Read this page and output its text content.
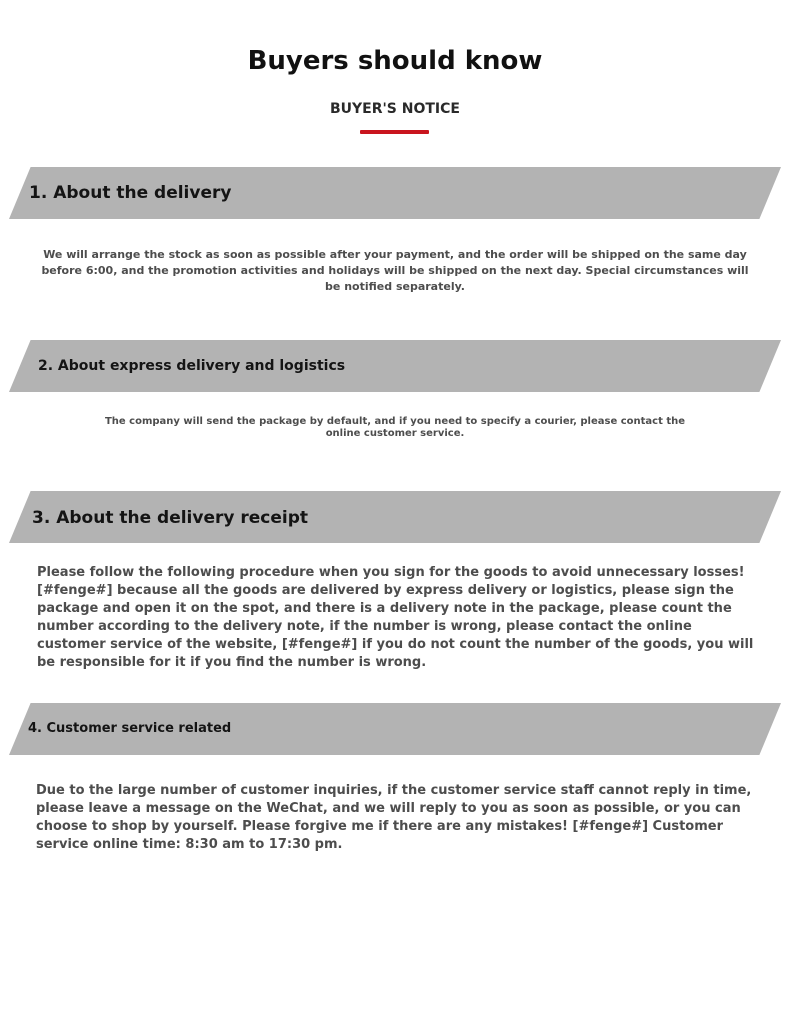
Buyers should know
BUYER'S NOTICE
1. About the delivery
We will arrange the stock as soon as possible after your payment, and the order will be shipped on the same day before 6:00, and the promotion activities and holidays will be shipped on the next day. Special circumstances will be notified separately.
2. About express delivery and logistics
The company will send the package by default, and if you need to specify a courier, please contact the online customer service.
3. About the delivery receipt
Please follow the following procedure when you sign for the goods to avoid unnecessary losses! [#fenge#] because all the goods are delivered by express delivery or logistics, please sign the package and open it on the spot, and there is a delivery note in the package, please count the number according to the delivery note, if the number is wrong, please contact the online customer service of the website, [#fenge#] if you do not count the number of the goods, you will be responsible for it if you find the number is wrong.
4. Customer service related
Due to the large number of customer inquiries, if the customer service staff cannot reply in time, please leave a message on the WeChat, and we will reply to you as soon as possible, or you can choose to shop by yourself. Please forgive me if there are any mistakes! [#fenge#] Customer service online time: 8:30 am to 17:30 pm.
